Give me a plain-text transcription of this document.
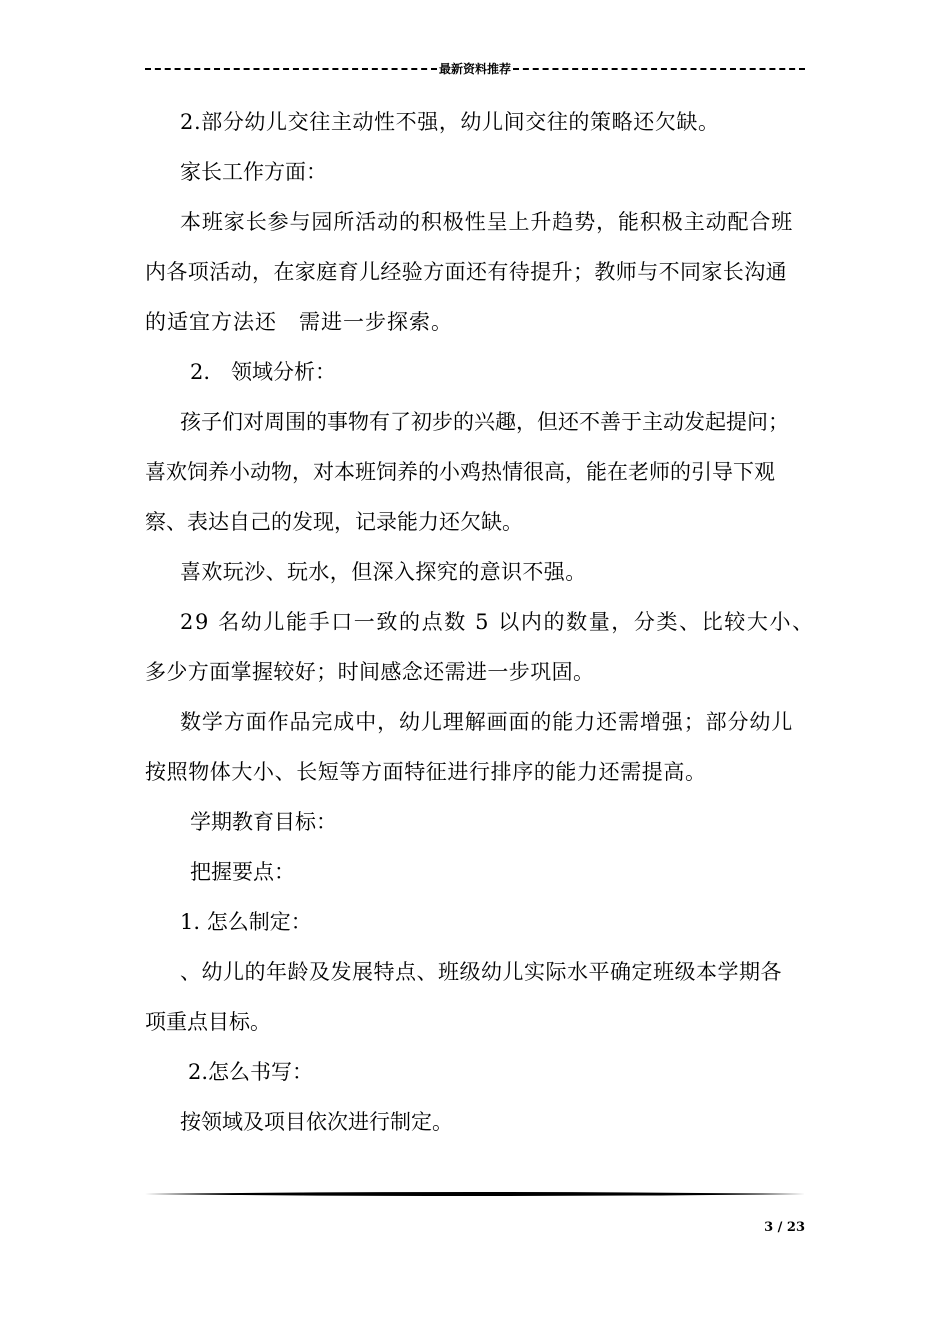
最新资料推荐
2.部分幼儿交往主动性不强，幼儿间交往的策略还欠缺。
家长工作方面：
本班家长参与园所活动的积极性呈上升趋势，能积极主动配合班
内各项活动，在家庭育儿经验方面还有待提升；教师与不同家长沟通
的适宜方法还　需进一步探索。
2.　领域分析：
孩子们对周围的事物有了初步的兴趣，但还不善于主动发起提问；
喜欢饲养小动物，对本班饲养的小鸡热情很高，能在老师的引导下观
察、表达自己的发现，记录能力还欠缺。
喜欢玩沙、玩水，但深入探究的意识不强。
29 名幼儿能手口一致的点数 5 以内的数量，分类、比较大小、
多少方面掌握较好；时间感念还需进一步巩固。
数学方面作品完成中，幼儿理解画面的能力还需增强；部分幼儿
按照物体大小、长短等方面特征进行排序的能力还需提高。
学期教育目标：
把握要点：
1. 怎么制定：
、幼儿的年龄及发展特点、班级幼儿实际水平确定班级本学期各
项重点目标。
2.怎么书写：
按领域及项目依次进行制定。
3 / 23
